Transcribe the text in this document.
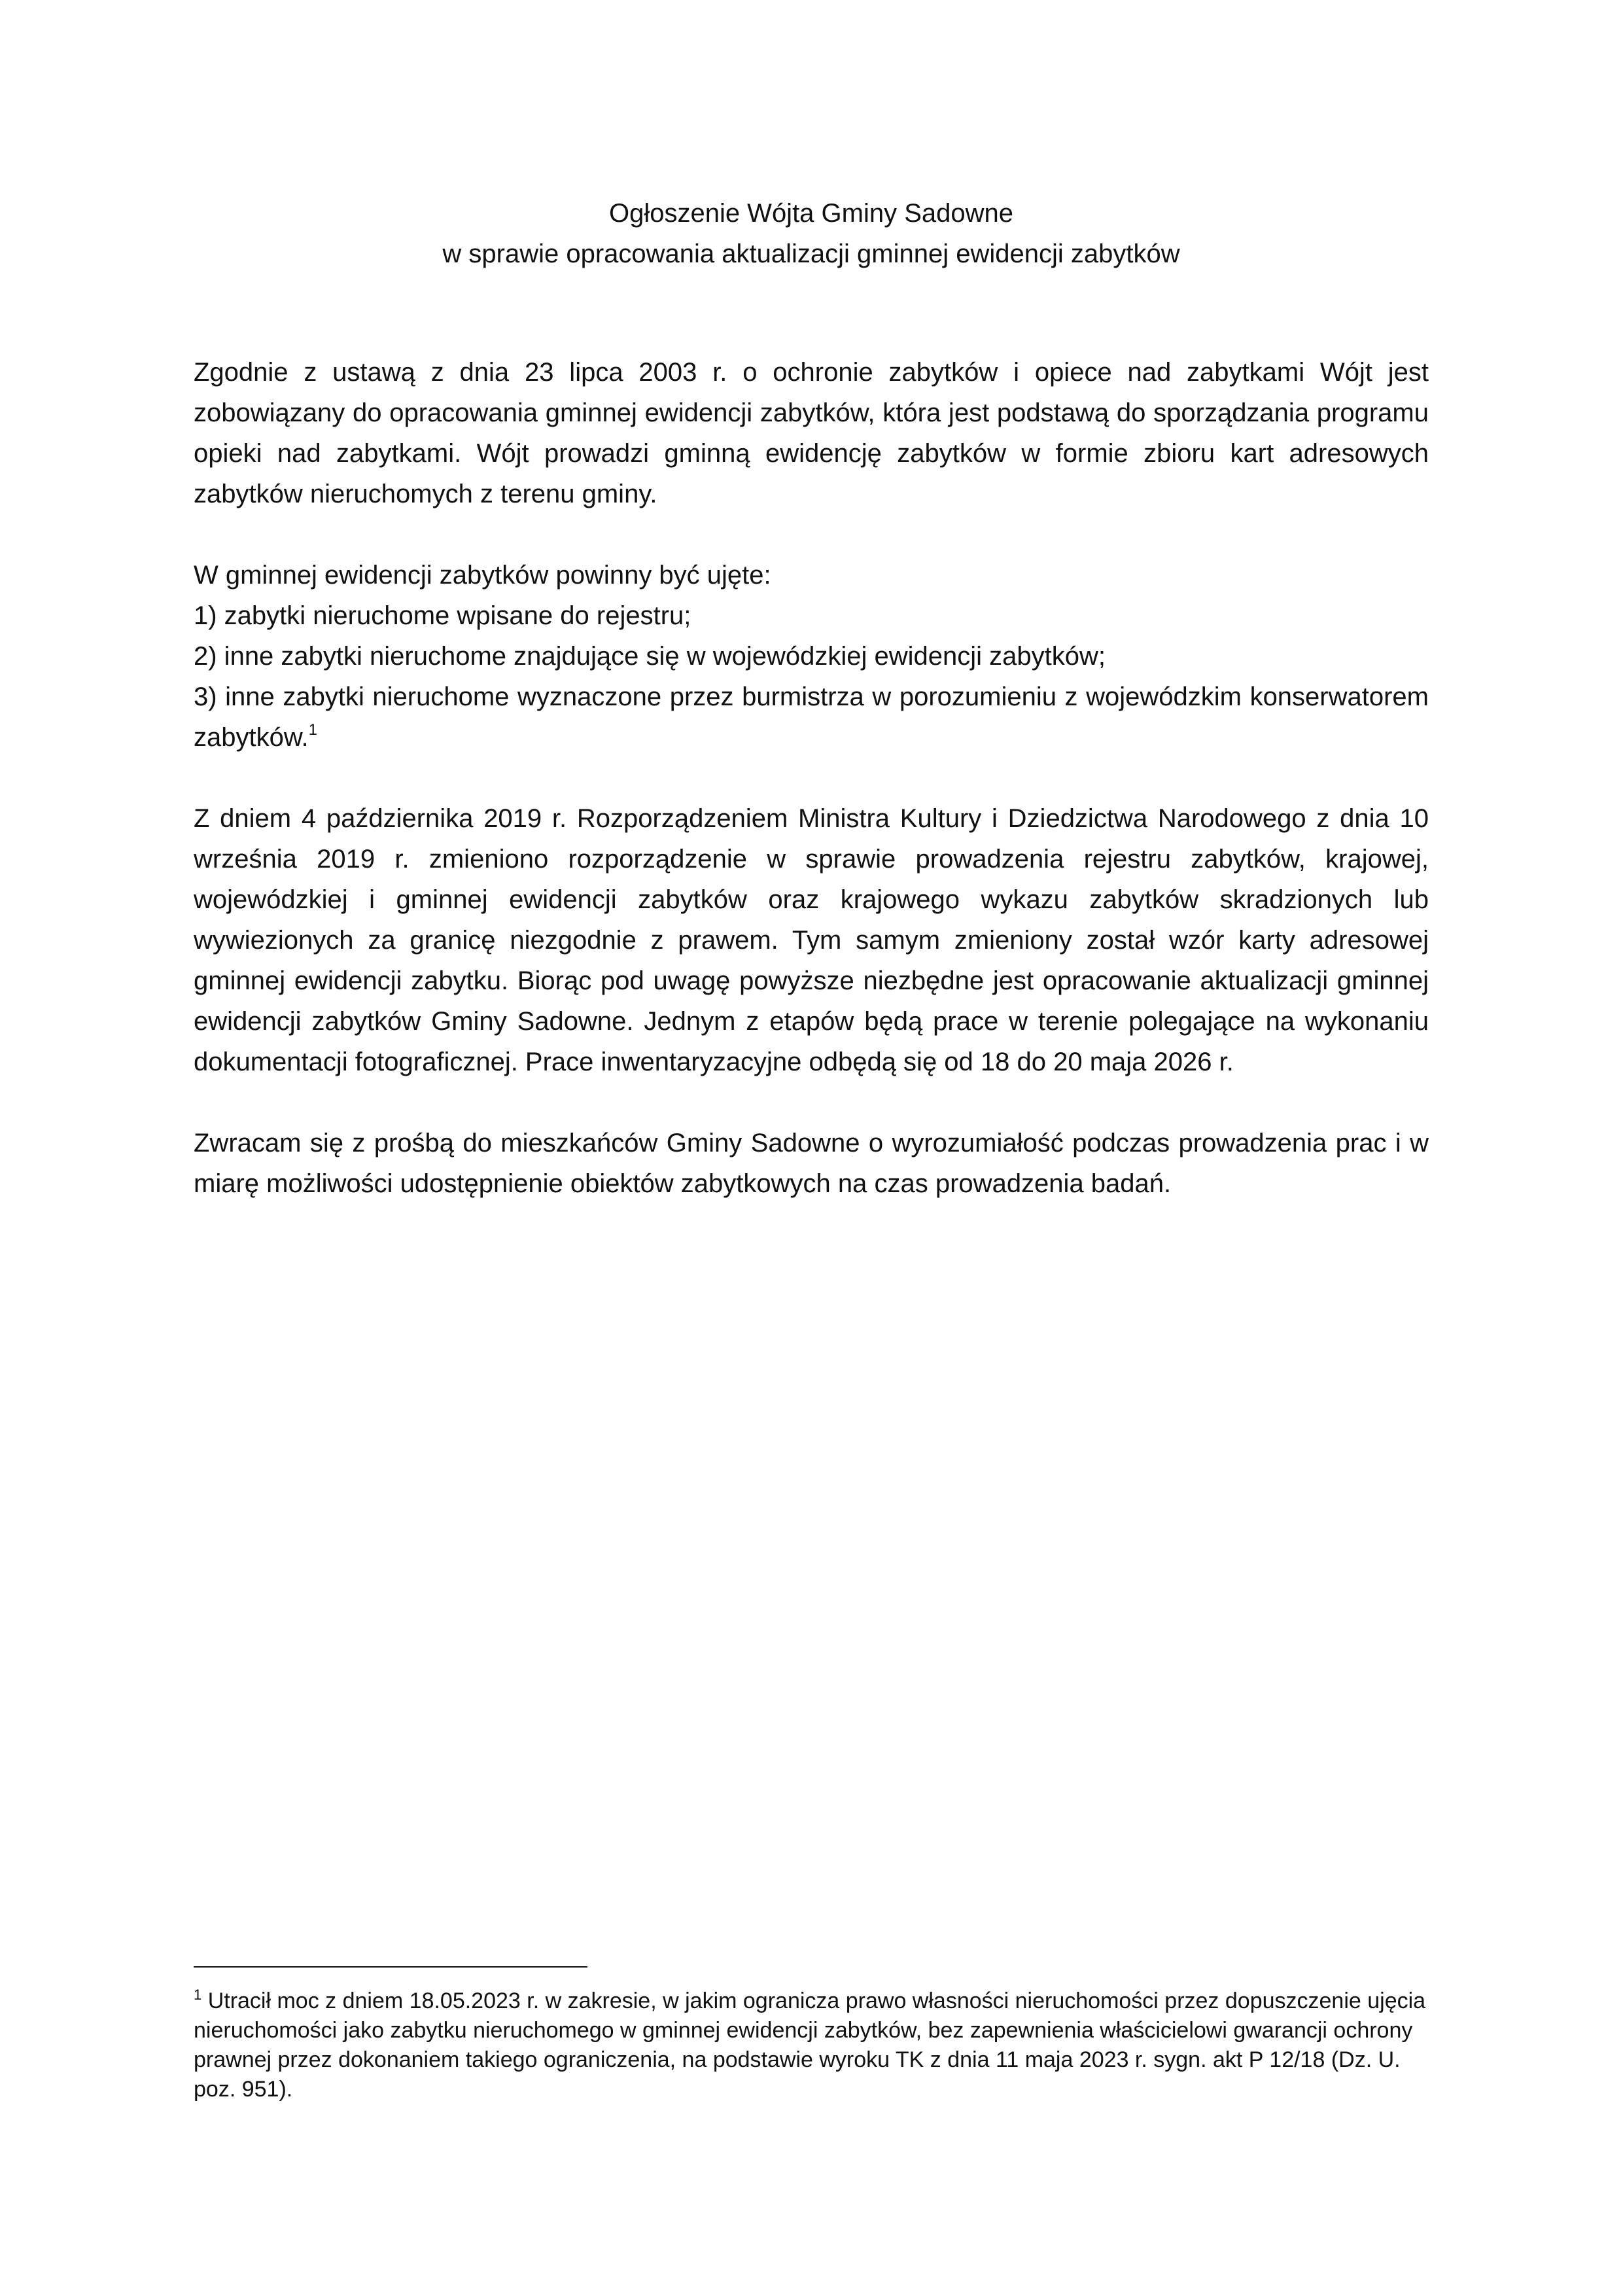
Ogłoszenie Wójta Gminy Sadowne
w sprawie opracowania aktualizacji gminnej ewidencji zabytków

Zgodnie z ustawą z dnia 23 lipca 2003 r. o ochronie zabytków i opiece nad zabytkami Wójt jest zobowiązany do opracowania gminnej ewidencji zabytków, która jest podstawą do sporządzania programu opieki nad zabytkami. Wójt prowadzi gminną ewidencję zabytków w formie zbioru kart adresowych zabytków nieruchomych z terenu gminy.

W gminnej ewidencji zabytków powinny być ujęte:
1) zabytki nieruchome wpisane do rejestru;
2) inne zabytki nieruchome znajdujące się w wojewódzkiej ewidencji zabytków;
3) inne zabytki nieruchome wyznaczone przez burmistrza w porozumieniu z wojewódzkim konserwatorem zabytków.$^1$

Z dniem 4 października 2019 r. Rozporządzeniem Ministra Kultury i Dziedzictwa Narodowego z dnia 10 września 2019 r. zmieniono rozporządzenie w sprawie prowadzenia rejestru zabytków, krajowej, wojewódzkiej i gminnej ewidencji zabytków oraz krajowego wykazu zabytków skradzionych lub wywiezionych za granicę niezgodnie z prawem. Tym samym zmieniony został wzór karty adresowej gminnej ewidencji zabytku. Biorąc pod uwagę powyższe niezbędne jest opracowanie aktualizacji gminnej ewidencji zabytków Gminy Sadowne. Jednym z etapów będą prace w terenie polegające na wykonaniu dokumentacji fotograficznej. Prace inwentaryzacyjne odbędą się od 18 do 20 maja 2026 r.

Zwracam się z prośbą do mieszkańców Gminy Sadowne o wyrozumiałość podczas prowadzenia prac i w miarę możliwości udostępnienie obiektów zabytkowych na czas prowadzenia badań.

$^1$ Utracił moc z dniem 18.05.2023 r. w zakresie, w jakim ogranicza prawo własności nieruchomości przez dopuszczenie ujęcia nieruchomości jako zabytku nieruchomego w gminnej ewidencji zabytków, bez zapewnienia właścicielowi gwarancji ochrony prawnej przez dokonaniem takiego ograniczenia, na podstawie wyroku TK z dnia 11 maja 2023 r. sygn. akt P 12/18 (Dz. U. poz. 951).
